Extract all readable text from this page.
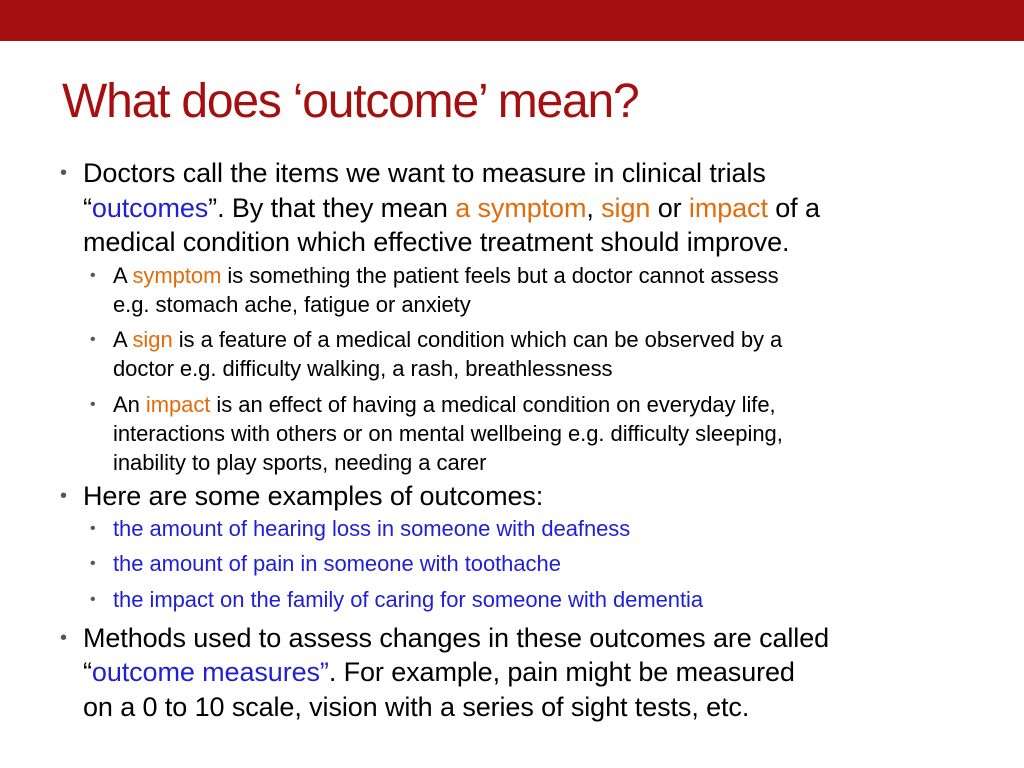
What does ‘outcome’ mean?
• Doctors call the items we want to measure in clinical trials
“outcomes”. By that they mean a symptom, sign or impact of a
medical condition which effective treatment should improve.
• A symptom is something the patient feels but a doctor cannot assess
e.g. stomach ache, fatigue or anxiety
• A sign is a feature of a medical condition which can be observed by a
doctor e.g. difficulty walking, a rash, breathlessness
• An impact is an effect of having a medical condition on everyday life,
interactions with others or on mental wellbeing e.g. difficulty sleeping,
inability to play sports, needing a carer
• Here are some examples of outcomes:
• the amount of hearing loss in someone with deafness
• the amount of pain in someone with toothache
• the impact on the family of caring for someone with dementia
• Methods used to assess changes in these outcomes are called
“outcome measures”. For example, pain might be measured
on a 0 to 10 scale, vision with a series of sight tests, etc.
